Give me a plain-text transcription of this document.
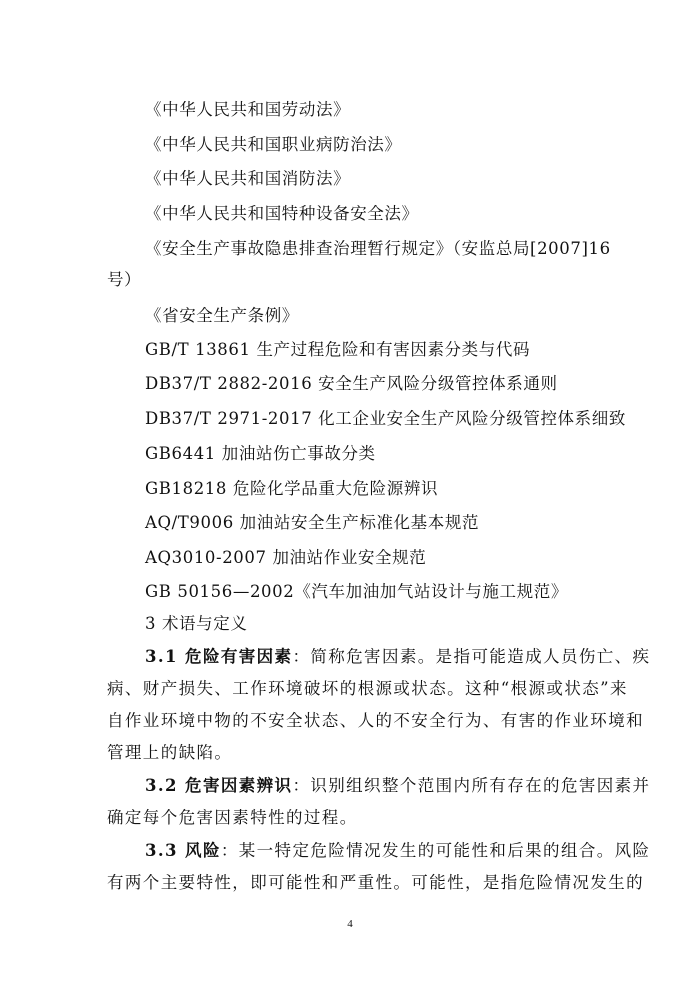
《中华人民共和国劳动法》
《中华人民共和国职业病防治法》
《中华人民共和国消防法》
《中华人民共和国特种设备安全法》
《安全生产事故隐患排查治理暂行规定》（安监总局[2007]16
号）
《省安全生产条例》
GB/T 13861 生产过程危险和有害因素分类与代码
DB37/T 2882-2016 安全生产风险分级管控体系通则
DB37/T 2971-2017 化工企业安全生产风险分级管控体系细致
GB6441 加油站伤亡事故分类
GB18218 危险化学品重大危险源辨识
AQ/T9006 加油站安全生产标准化基本规范
AQ3010-2007 加油站作业安全规范
GB 50156—2002《汽车加油加气站设计与施工规范》
3 术语与定义
3.1 危险有害因素：简称危害因素。是指可能造成人员伤亡、疾
病、财产损失、工作环境破坏的根源或状态。这种“根源或状态”来
自作业环境中物的不安全状态、人的不安全行为、有害的作业环境和
管理上的缺陷。
3.2 危害因素辨识：识别组织整个范围内所有存在的危害因素并
确定每个危害因素特性的过程。
3.3 风险：某一特定危险情况发生的可能性和后果的组合。风险
有两个主要特性，即可能性和严重性。可能性，是指危险情况发生的
4
